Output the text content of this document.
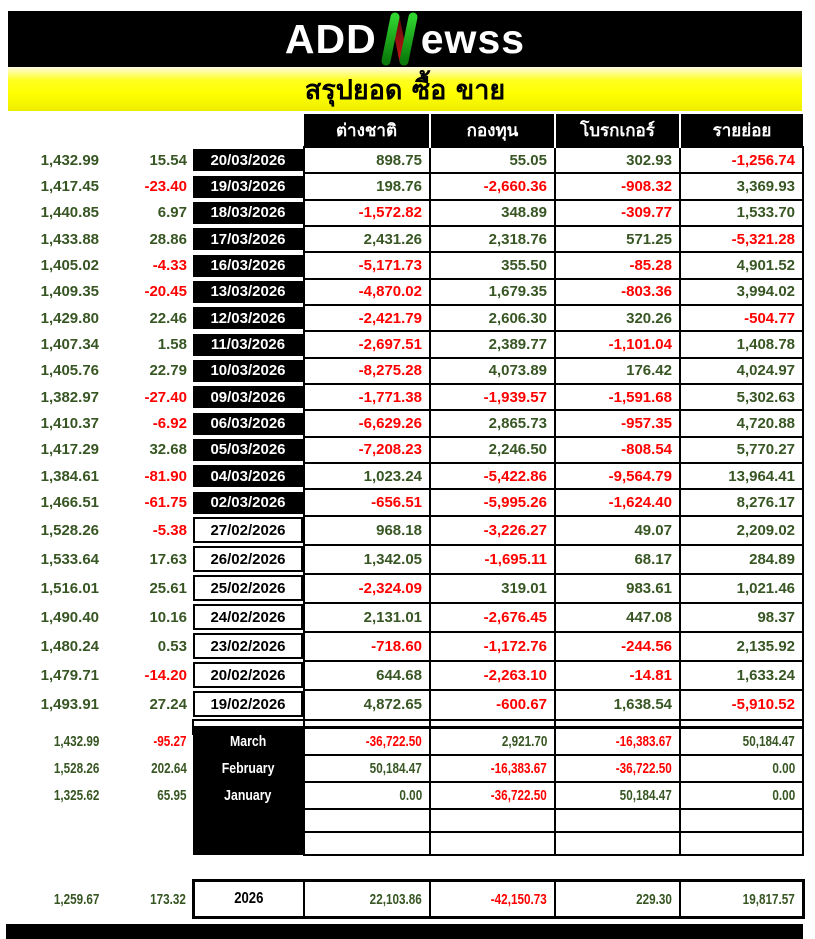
ADD ewss
สรุปยอด ซื้อ ขาย
			ต่างชาติ	กองทุน	โบรกเกอร์	รายย่อย
1,432.99	15.54	20/03/2026	898.75	55.05	302.93	-1,256.74
1,417.45	-23.40	19/03/2026	198.76	-2,660.36	-908.32	3,369.93
1,440.85	6.97	18/03/2026	-1,572.82	348.89	-309.77	1,533.70
1,433.88	28.86	17/03/2026	2,431.26	2,318.76	571.25	-5,321.28
1,405.02	-4.33	16/03/2026	-5,171.73	355.50	-85.28	4,901.52
1,409.35	-20.45	13/03/2026	-4,870.02	1,679.35	-803.36	3,994.02
1,429.80	22.46	12/03/2026	-2,421.79	2,606.30	320.26	-504.77
1,407.34	1.58	11/03/2026	-2,697.51	2,389.77	-1,101.04	1,408.78
1,405.76	22.79	10/03/2026	-8,275.28	4,073.89	176.42	4,024.97
1,382.97	-27.40	09/03/2026	-1,771.38	-1,939.57	-1,591.68	5,302.63
1,410.37	-6.92	06/03/2026	-6,629.26	2,865.73	-957.35	4,720.88
1,417.29	32.68	05/03/2026	-7,208.23	2,246.50	-808.54	5,770.27
1,384.61	-81.90	04/03/2026	1,023.24	-5,422.86	-9,564.79	13,964.41
1,466.51	-61.75	02/03/2026	-656.51	-5,995.26	-1,624.40	8,276.17
1,528.26	-5.38	27/02/2026	968.18	-3,226.27	49.07	2,209.02
1,533.64	17.63	26/02/2026	1,342.05	-1,695.11	68.17	284.89
1,516.01	25.61	25/02/2026	-2,324.09	319.01	983.61	1,021.46
1,490.40	10.16	24/02/2026	2,131.01	-2,676.45	447.08	98.37
1,480.24	0.53	23/02/2026	-718.60	-1,172.76	-244.56	2,135.92
1,479.71	-14.20	20/02/2026	644.68	-2,263.10	-14.81	1,633.24
1,493.91	27.24	19/02/2026	4,872.65	-600.67	1,638.54	-5,910.52

1,432.99	-95.27	March	-36,722.50	2,921.70	-16,383.67	50,184.47
1,528.26	202.64	February	50,184.47	-16,383.67	-36,722.50	0.00
1,325.62	65.95	January	0.00	-36,722.50	50,184.47	0.00

1,259.67	173.32	2026	22,103.86	-42,150.73	229.30	19,817.57
